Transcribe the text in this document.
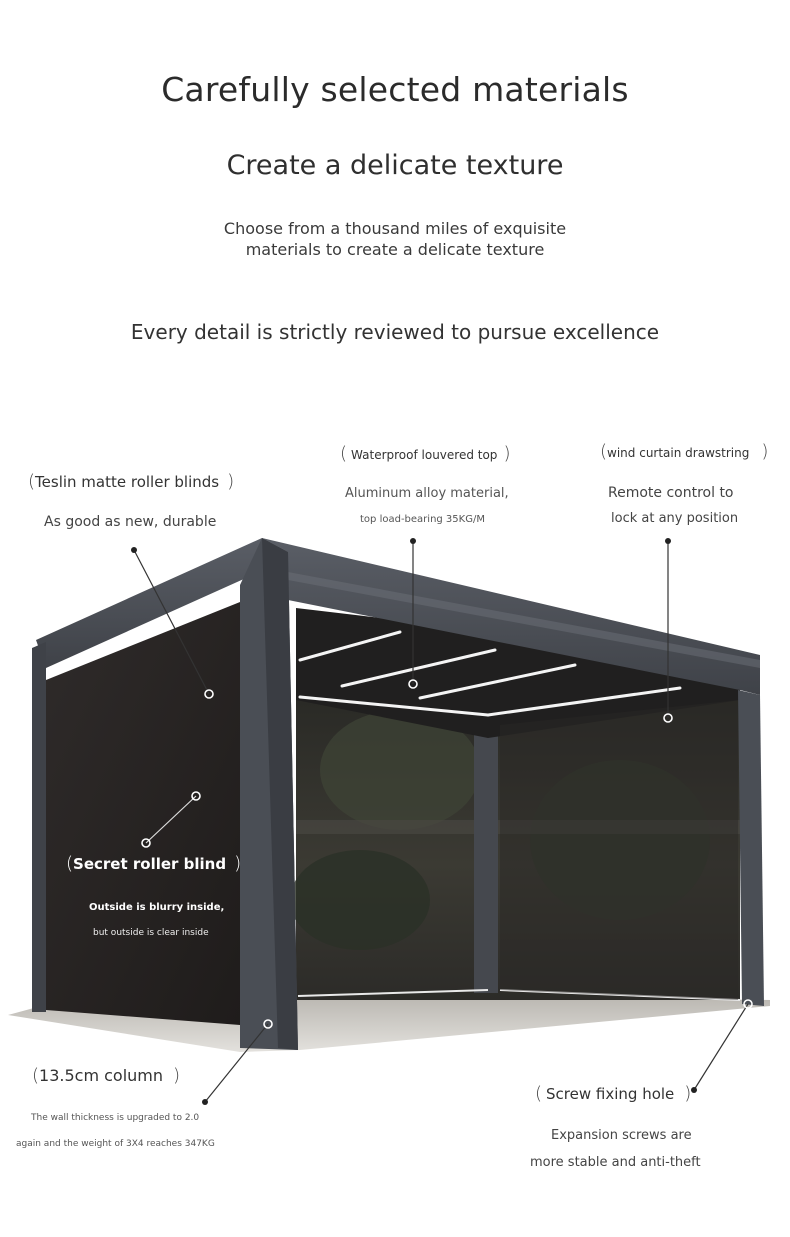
Carefully selected materials
Create a delicate texture
Choose from a thousand miles of exquisite
materials to create a delicate texture
Every detail is strictly reviewed to pursue excellence
(Teslin matte roller blinds )
As good as new, durable
( Waterproof louvered top )
Aluminum alloy material,
top load-bearing 35KG/M
(wind curtain drawstring )
Remote control to
lock at any position
(Secret roller blind )
Outside is blurry inside,
but outside is clear inside
(13.5cm column )
The wall thickness is upgraded to 2.0
again and the weight of 3X4 reaches 347KG
( Screw fixing hole )
Expansion screws are
more stable and anti-theft
